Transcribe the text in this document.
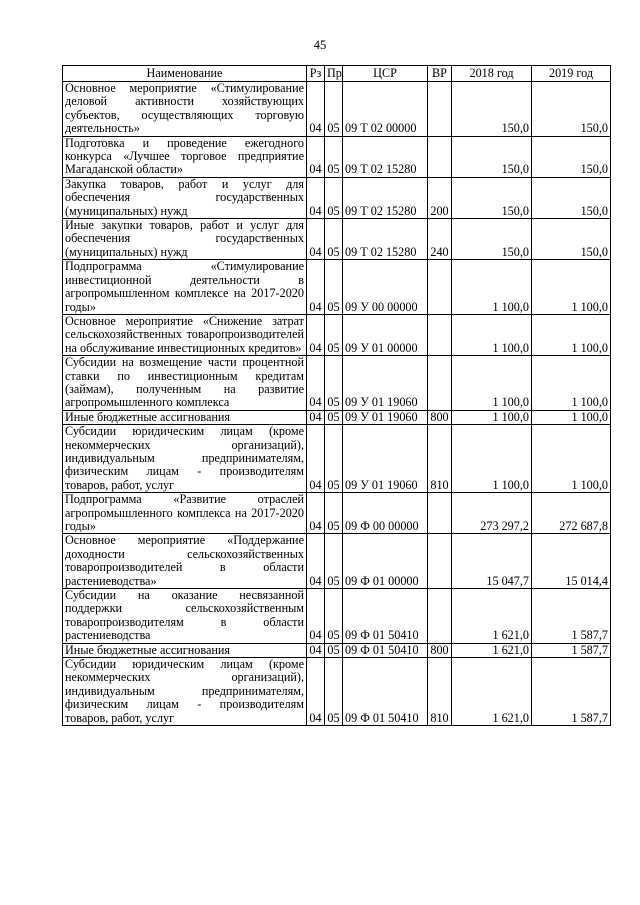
45
Наименование	Рз	Пр	ЦСР	ВР	2018 год	2019 год
Основное мероприятие «Стимулирование деловой активности хозяйствующих субъектов, осуществляющих торговую деятельность»	04	05	09 Т 02 00000		150,0	150,0
Подготовка и проведение ежегодного конкурса «Лучшее торговое предприятие Магаданской области»	04	05	09 Т 02 15280		150,0	150,0
Закупка товаров, работ и услуг для обеспечения государственных (муниципальных) нужд	04	05	09 Т 02 15280	200	150,0	150,0
Иные закупки товаров, работ и услуг для обеспечения государственных (муниципальных) нужд	04	05	09 Т 02 15280	240	150,0	150,0
Подпрограмма «Стимулирование инвестиционной деятельности в агропромышленном комплексе на 2017-2020 годы»	04	05	09 У 00 00000		1 100,0	1 100,0
Основное мероприятие «Снижение затрат сельскохозяйственных товаропроизводителей на обслуживание инвестиционных кредитов»	04	05	09 У 01 00000		1 100,0	1 100,0
Субсидии на возмещение части процентной ставки по инвестиционным кредитам (займам), полученным на развитие агропромышленного комплекса	04	05	09 У 01 19060		1 100,0	1 100,0
Иные бюджетные ассигнования	04	05	09 У 01 19060	800	1 100,0	1 100,0
Субсидии юридическим лицам (кроме некоммерческих организаций), индивидуальным предпринимателям, физическим лицам - производителям товаров, работ, услуг	04	05	09 У 01 19060	810	1 100,0	1 100,0
Подпрограмма «Развитие отраслей агропромышленного комплекса на 2017-2020 годы»	04	05	09 Ф 00 00000		273 297,2	272 687,8
Основное мероприятие «Поддержание доходности сельскохозяйственных товаропроизводителей в области растениеводства»	04	05	09 Ф 01 00000		15 047,7	15 014,4
Субсидии на оказание несвязанной поддержки сельскохозяйственным товаропроизводителям в области растениеводства	04	05	09 Ф 01 50410		1 621,0	1 587,7
Иные бюджетные ассигнования	04	05	09 Ф 01 50410	800	1 621,0	1 587,7
Субсидии юридическим лицам (кроме некоммерческих организаций), индивидуальным предпринимателям, физическим лицам - производителям товаров, работ, услуг	04	05	09 Ф 01 50410	810	1 621,0	1 587,7
